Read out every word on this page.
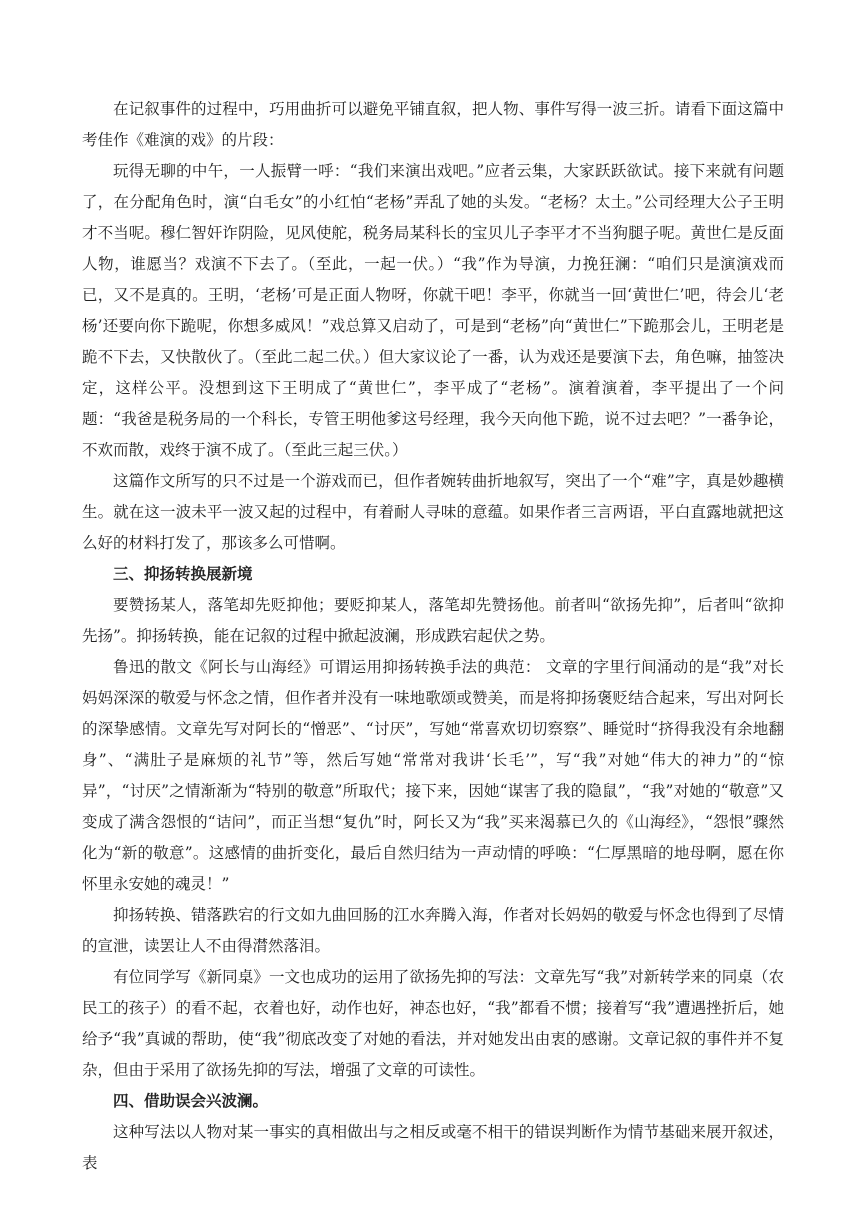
在记叙事件的过程中，巧用曲折可以避免平铺直叙，把人物、事件写得一波三折。请看下面这篇中考佳作《难演的戏》的片段：

玩得无聊的中午，一人振臂一呼：“我们来演出戏吧。”应者云集，大家跃跃欲试。接下来就有问题了，在分配角色时，演“白毛女”的小红怕“老杨”弄乱了她的头发。“老杨？太土。”公司经理大公子王明才不当呢。穆仁智奸诈阴险，见风使舵，税务局某科长的宝贝儿子李平才不当狗腿子呢。黄世仁是反面人物，谁愿当？戏演不下去了。（至此，一起一伏。）“我”作为导演，力挽狂澜：“咱们只是演演戏而已，又不是真的。王明，‘老杨’可是正面人物呀，你就干吧！李平，你就当一回‘黄世仁’吧，待会儿‘老杨’还要向你下跪呢，你想多威风！”戏总算又启动了，可是到“老杨”向“黄世仁”下跪那会儿，王明老是跪不下去，又快散伙了。（至此二起二伏。）但大家议论了一番，认为戏还是要演下去，角色嘛，抽签决定，这样公平。没想到这下王明成了“黄世仁”，李平成了“老杨”。演着演着，李平提出了一个问题：“我爸是税务局的一个科长，专管王明他爹这号经理，我今天向他下跪，说不过去吧？”一番争论，不欢而散，戏终于演不成了。（至此三起三伏。）

这篇作文所写的只不过是一个游戏而已，但作者婉转曲折地叙写，突出了一个“难”字，真是妙趣横生。就在这一波未平一波又起的过程中，有着耐人寻味的意蕴。如果作者三言两语，平白直露地就把这么好的材料打发了，那该多么可惜啊。

三、抑扬转换展新境

要赞扬某人，落笔却先贬抑他；要贬抑某人，落笔却先赞扬他。前者叫“欲扬先抑”，后者叫“欲抑先扬”。抑扬转换，能在记叙的过程中掀起波澜，形成跌宕起伏之势。

鲁迅的散文《阿长与山海经》可谓运用抑扬转换手法的典范： 文章的字里行间涌动的是“我”对长妈妈深深的敬爱与怀念之情，但作者并没有一味地歌颂或赞美，而是将抑扬褒贬结合起来，写出对阿长的深挚感情。文章先写对阿长的“憎恶”、“讨厌”，写她“常喜欢切切察察”、睡觉时“挤得我没有余地翻身”、“满肚子是麻烦的礼节”等，然后写她“常常对我讲‘长毛’”，写“我”对她“伟大的神力”的“惊异”，“讨厌”之情渐渐为“特别的敬意”所取代；接下来，因她“谋害了我的隐鼠”，“我”对她的“敬意”又变成了满含怨恨的“诘问”，而正当想“复仇”时，阿长又为“我”买来渴慕已久的《山海经》，“怨恨”骤然化为“新的敬意”。这感情的曲折变化，最后自然归结为一声动情的呼唤：“仁厚黑暗的地母啊，愿在你怀里永安她的魂灵！”

抑扬转换、错落跌宕的行文如九曲回肠的江水奔腾入海，作者对长妈妈的敬爱与怀念也得到了尽情的宣泄，读罢让人不由得潸然落泪。

有位同学写《新同桌》一文也成功的运用了欲扬先抑的写法：文章先写“我”对新转学来的同桌（农民工的孩子）的看不起，衣着也好，动作也好，神态也好，“我”都看不惯；接着写“我”遭遇挫折后，她给予“我”真诚的帮助，使“我”彻底改变了对她的看法，并对她发出由衷的感谢。文章记叙的事件并不复杂，但由于采用了欲扬先抑的写法，增强了文章的可读性。

四、借助误会兴波澜。

这种写法以人物对某一事实的真相做出与之相反或毫不相干的错误判断作为情节基础来展开叙述，表
